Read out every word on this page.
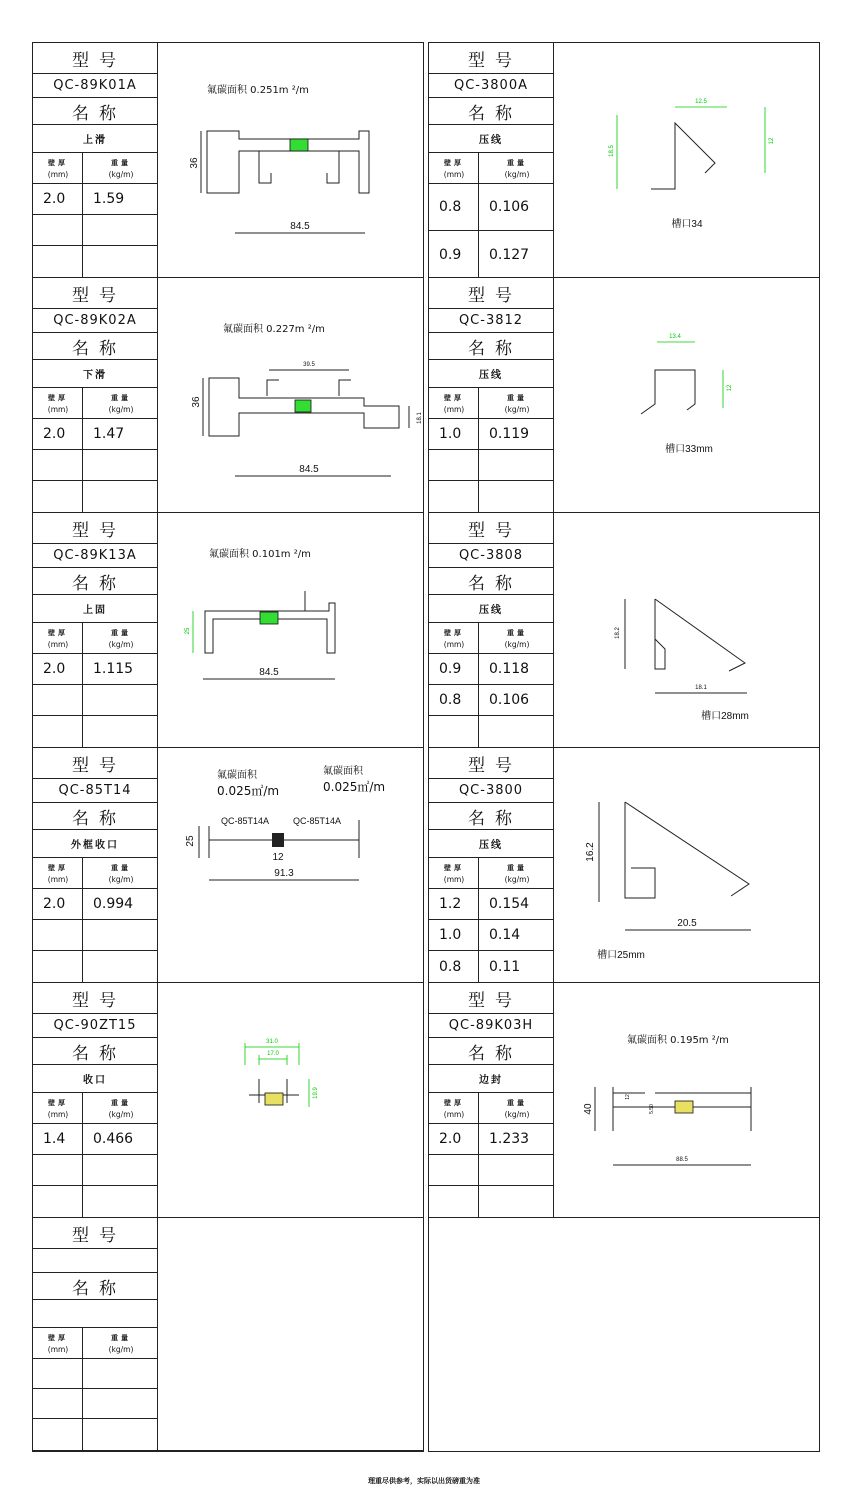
型号
QC-89K01A
名称
上滑
壁厚
(mm)
重量
(kg/m)
2.0 1.59
氟碳面积 0.251m ²/m
36
84.5
型号
QC-89K02A
名称
下滑
壁厚
(mm)
重量
(kg/m)
2.0 1.47
氟碳面积 0.227m ²/m
36
39.5
18.1
84.5
型号
QC-89K13A
名称
上固
壁厚
(mm)
重量
(kg/m)
2.0 1.115
氟碳面积 0.101m ²/m
25
84.5
型号
QC-85T14
名称
外框收口
壁厚
(mm)
重量
(kg/m)
2.0 0.994
氟碳面积
0.025㎡/m
氟碳面积
0.025㎡/m
QC-85T14A	QC-85T14A
25
12
91.3
型号
QC-90ZT15
名称
收口
壁厚
(mm)
重量
(kg/m)
1.4 0.466
31.0
17.0
19.9
型号
名称
壁厚
(mm)
重量
(kg/m)
型号
QC-3800A
名称
压线
壁厚
(mm)
重量
(kg/m)
0.8 0.106
0.9 0.127
12.5
18.5
12
槽口34
型号
QC-3812
名称
压线
壁厚
(mm)
重量
(kg/m)
1.0 0.119
13.4
12
槽口33mm
型号
QC-3808
名称
压线
壁厚
(mm)
重量
(kg/m)
0.9 0.118
0.8 0.106
18.2
18.1
槽口28mm
型号
QC-3800
名称
压线
壁厚
(mm)
重量
(kg/m)
1.2 0.154
1.0 0.14
0.8 0.11
16.2
20.5
槽口25mm
型号
QC-89K03H
名称
边封
壁厚
(mm)
重量
(kg/m)
2.0 1.233
氟碳面积 0.195m ²/m
40
12
5.50
88.5
理重尽供参考，实际以出货磅重为准
